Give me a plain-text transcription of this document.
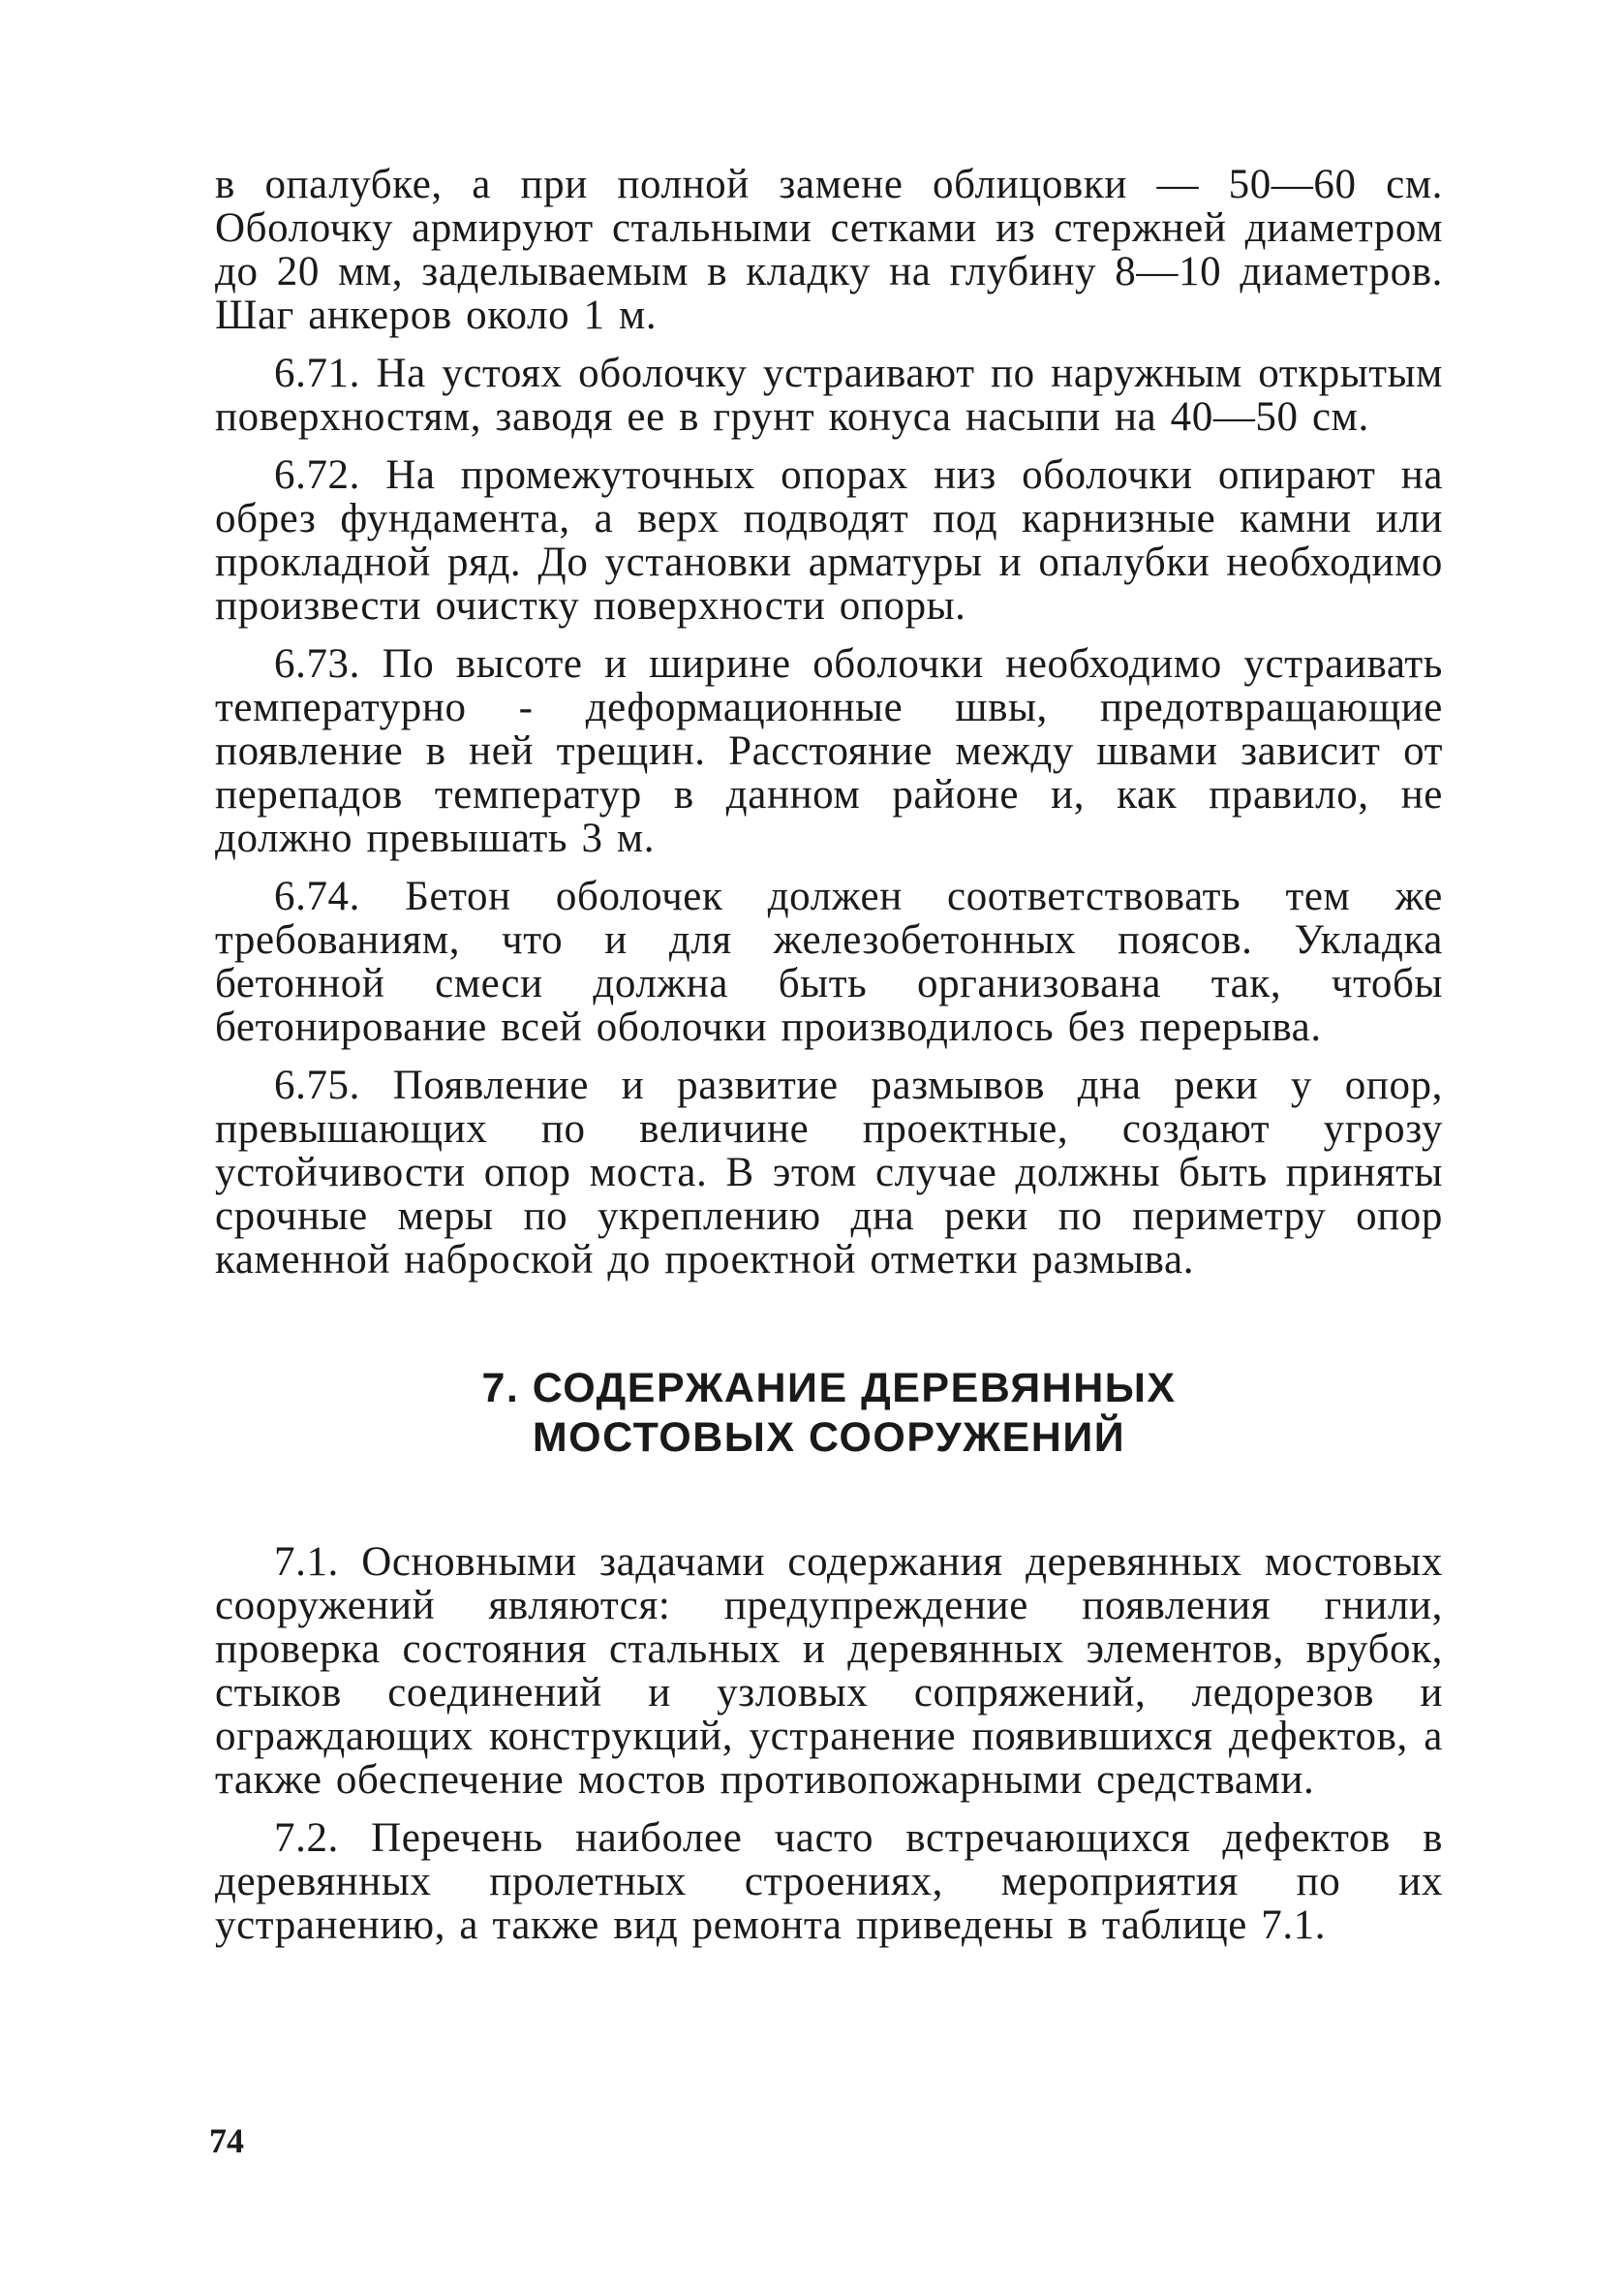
в опалубке, а при полной замене облицовки — 50—60 см. Оболочку армируют стальными сетками из стержней диаметром до 20 мм, заделываемым в кладку на глубину 8—10 диаметров. Шаг анкеров около 1 м.

6.71. На устоях оболочку устраивают по наружным открытым поверхностям, заводя ее в грунт конуса насыпи на 40—50 см.

6.72. На промежуточных опорах низ оболочки опирают на обрез фундамента, а верх подводят под карнизные камни или прокладной ряд. До установки арматуры и опалубки необходимо произвести очистку поверхности опоры.

6.73. По высоте и ширине оболочки необходимо устраивать температурно - деформационные швы, предотвращающие появление в ней трещин. Расстояние между швами зависит от перепадов температур в данном районе и, как правило, не должно превышать 3 м.

6.74. Бетон оболочек должен соответствовать тем же требованиям, что и для железобетонных поясов. Укладка бетонной смеси должна быть организована так, чтобы бетонирование всей оболочки производилось без перерыва.

6.75. Появление и развитие размывов дна реки у опор, превышающих по величине проектные, создают угрозу устойчивости опор моста. В этом случае должны быть приняты срочные меры по укреплению дна реки по периметру опор каменной наброской до проектной отметки размыва.

7. СОДЕРЖАНИЕ ДЕРЕВЯННЫХ
МОСТОВЫХ СООРУЖЕНИЙ

7.1. Основными задачами содержания деревянных мостовых сооружений являются: предупреждение появления гнили, проверка состояния стальных и деревянных элементов, врубок, стыков соединений и узловых сопряжений, ледорезов и ограждающих конструкций, устранение появившихся дефектов, а также обеспечение мостов противопожарными средствами.

7.2. Перечень наиболее часто встречающихся дефектов в деревянных пролетных строениях, мероприятия по их устранению, а также вид ремонта приведены в таблице 7.1.

74
